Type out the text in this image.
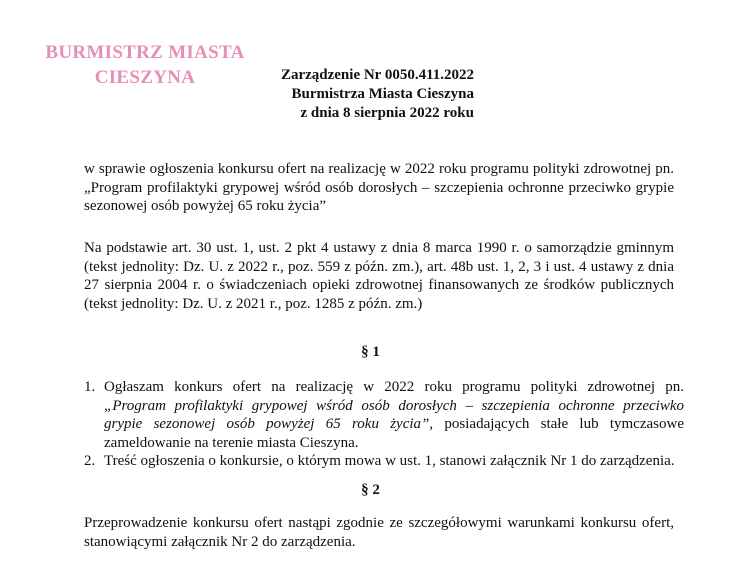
BURMISTRZ MIASTA
CIESZYNA	Zarządzenie Nr 0050.411.2022
Burmistrza Miasta Cieszyna
z dnia 8 sierpnia 2022 roku
w sprawie ogłoszenia konkursu ofert na realizację w 2022 roku programu polityki zdrowotnej pn.
„Program profilaktyki grypowej wśród osób dorosłych – szczepienia ochronne przeciwko grypie
sezonowej osób powyżej 65 roku życia”
Na podstawie art. 30 ust. 1, ust. 2 pkt 4 ustawy z dnia 8 marca 1990 r. o samorządzie gminnym
(tekst jednolity: Dz. U. z 2022 r., poz. 559 z późn. zm.), art. 48b ust. 1, 2, 3 i ust. 4 ustawy z dnia
27 sierpnia 2004 r. o świadczeniach opieki zdrowotnej finansowanych ze środków publicznych
(tekst jednolity: Dz. U. z 2021 r., poz. 1285 z późn. zm.)
§ 1
1. Ogłaszam konkurs ofert na realizację w 2022 roku programu polityki zdrowotnej pn.
„Program profilaktyki grypowej wśród osób dorosłych – szczepienia ochronne przeciwko
grypie sezonowej osób powyżej 65 roku życia”, posiadających stałe lub tymczasowe
zameldowanie na terenie miasta Cieszyna.
2. Treść ogłoszenia o konkursie, o którym mowa w ust. 1, stanowi załącznik Nr 1 do zarządzenia.
§ 2
Przeprowadzenie konkursu ofert nastąpi zgodnie ze szczegółowymi warunkami konkursu ofert,
stanowiącymi załącznik Nr 2 do zarządzenia.
